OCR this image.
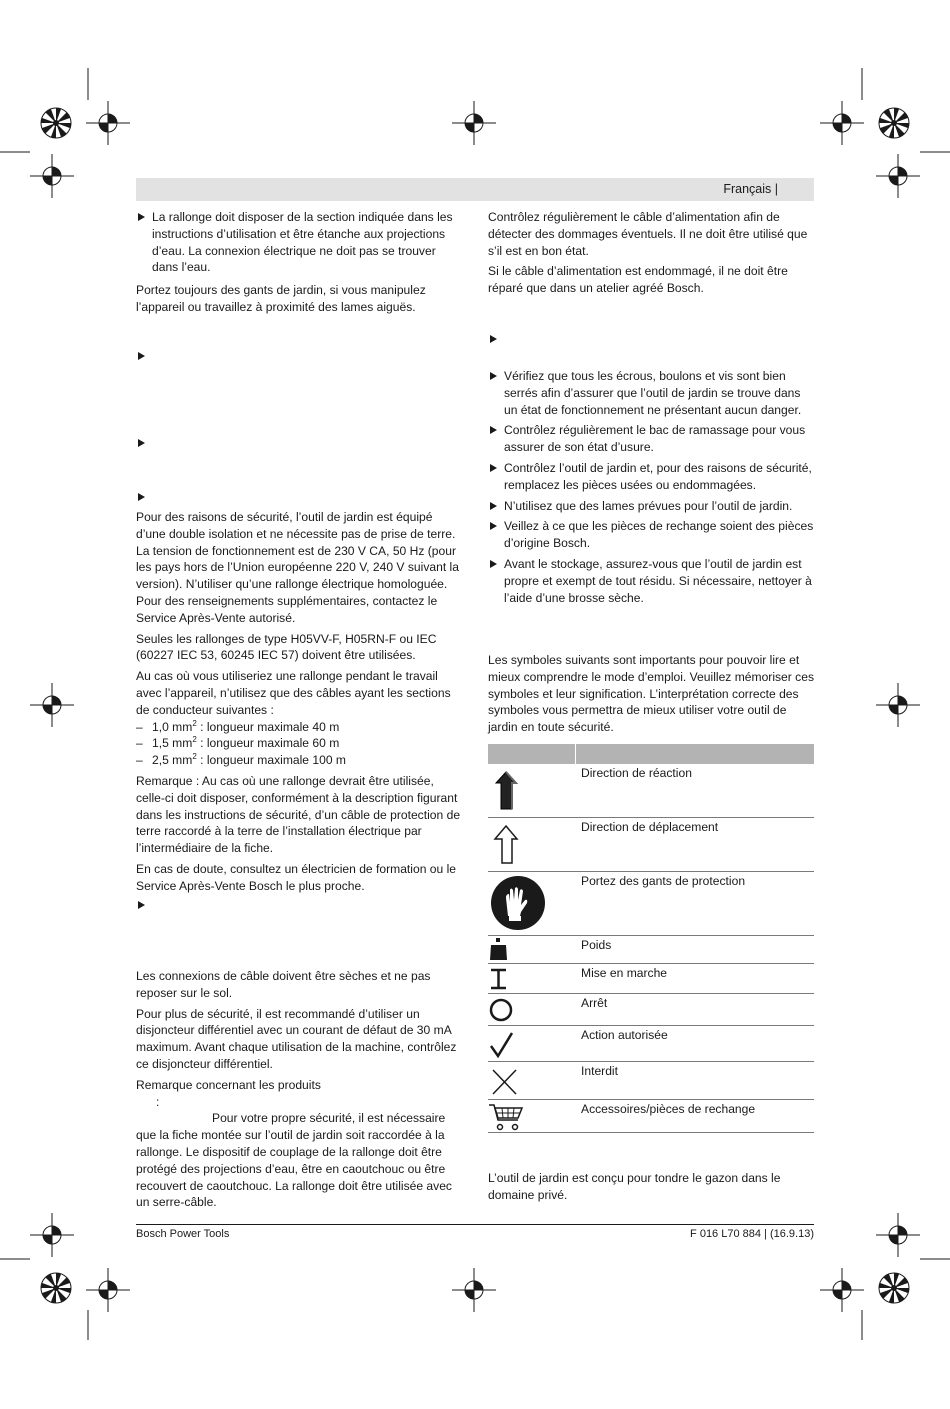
Français |

La rallonge doit disposer de la section indiquée dans les instructions d’utilisation et être étanche aux projections d’eau. La connexion électrique ne doit pas se trouver dans l’eau.

Portez toujours des gants de jardin, si vous manipulez l’appareil ou travaillez à proximité des lames aiguës.

Pour des raisons de sécurité, l’outil de jardin est équipé d’une double isolation et ne nécessite pas de prise de terre. La tension de fonctionnement est de 230 V CA, 50 Hz (pour les pays hors de l’Union européenne 220 V, 240 V suivant la version). N’utiliser qu’une rallonge électrique homologuée. Pour des renseignements supplémentaires, contactez le Service Après-Vente autorisé.

Seules les rallonges de type H05VV-F, H05RN-F ou IEC (60227 IEC 53, 60245 IEC 57) doivent être utilisées.

Au cas où vous utiliseriez une rallonge pendant le travail avec l’appareil, n’utilisez que des câbles ayant les sections de conducteur suivantes :

– 1,0 $mm^2$ : longueur maximale 40 m
– 1,5 $mm^2$ : longueur maximale 60 m
– 2,5 $mm^2$ : longueur maximale 100 m

Remarque : Au cas où une rallonge devrait être utilisée, celle-ci doit disposer, conformément à la description figurant dans les instructions de sécurité, d’un câble de protection de terre raccordé à la terre de l’installation électrique par l’intermédiaire de la fiche.

En cas de doute, consultez un électricien de formation ou le Service Après-Vente Bosch le plus proche.

Les connexions de câble doivent être sèches et ne pas reposer sur le sol.

Pour plus de sécurité, il est recommandé d’utiliser un disjoncteur différentiel avec un courant de défaut de 30 mA maximum. Avant chaque utilisation de la machine, contrôlez ce disjoncteur différentiel.

Remarque concernant les produits

:

Pour votre propre sécurité, il est nécessaire

que la fiche montée sur l’outil de jardin soit raccordée à la rallonge. Le dispositif de couplage de la rallonge doit être protégé des projections d’eau, être en caoutchouc ou être recouvert de caoutchouc. La rallonge doit être utilisée avec un serre-câble.

Contrôlez régulièrement le câble d’alimentation afin de détecter des dommages éventuels. Il ne doit être utilisé que s’il est en bon état.

Si le câble d’alimentation est endommagé, il ne doit être réparé que dans un atelier agréé Bosch.

Vérifiez que tous les écrous, boulons et vis sont bien serrés afin d’assurer que l’outil de jardin se trouve dans un état de fonctionnement ne présentant aucun danger.

Contrôlez régulièrement le bac de ramassage pour vous assurer de son état d’usure.

Contrôlez l’outil de jardin et, pour des raisons de sécurité, remplacez les pièces usées ou endommagées.

N’utilisez que des lames prévues pour l’outil de jardin.

Veillez à ce que les pièces de rechange soient des pièces d’origine Bosch.

Avant le stockage, assurez-vous que l’outil de jardin est propre et exempt de tout résidu. Si nécessaire, nettoyer à l’aide d’une brosse sèche.

Les symboles suivants sont importants pour pouvoir lire et mieux comprendre le mode d’emploi. Veuillez mémoriser ces symboles et leur signification. L’interprétation correcte des symboles vous permettra de mieux utiliser votre outil de jardin en toute sécurité.

Direction de réaction
Direction de déplacement
Portez des gants de protection
Poids
Mise en marche
Arrêt
Action autorisée
Interdit
Accessoires/pièces de rechange

L’outil de jardin est conçu pour tondre le gazon dans le domaine privé.

Bosch Power Tools	F 016 L70 884 | (16.9.13)
